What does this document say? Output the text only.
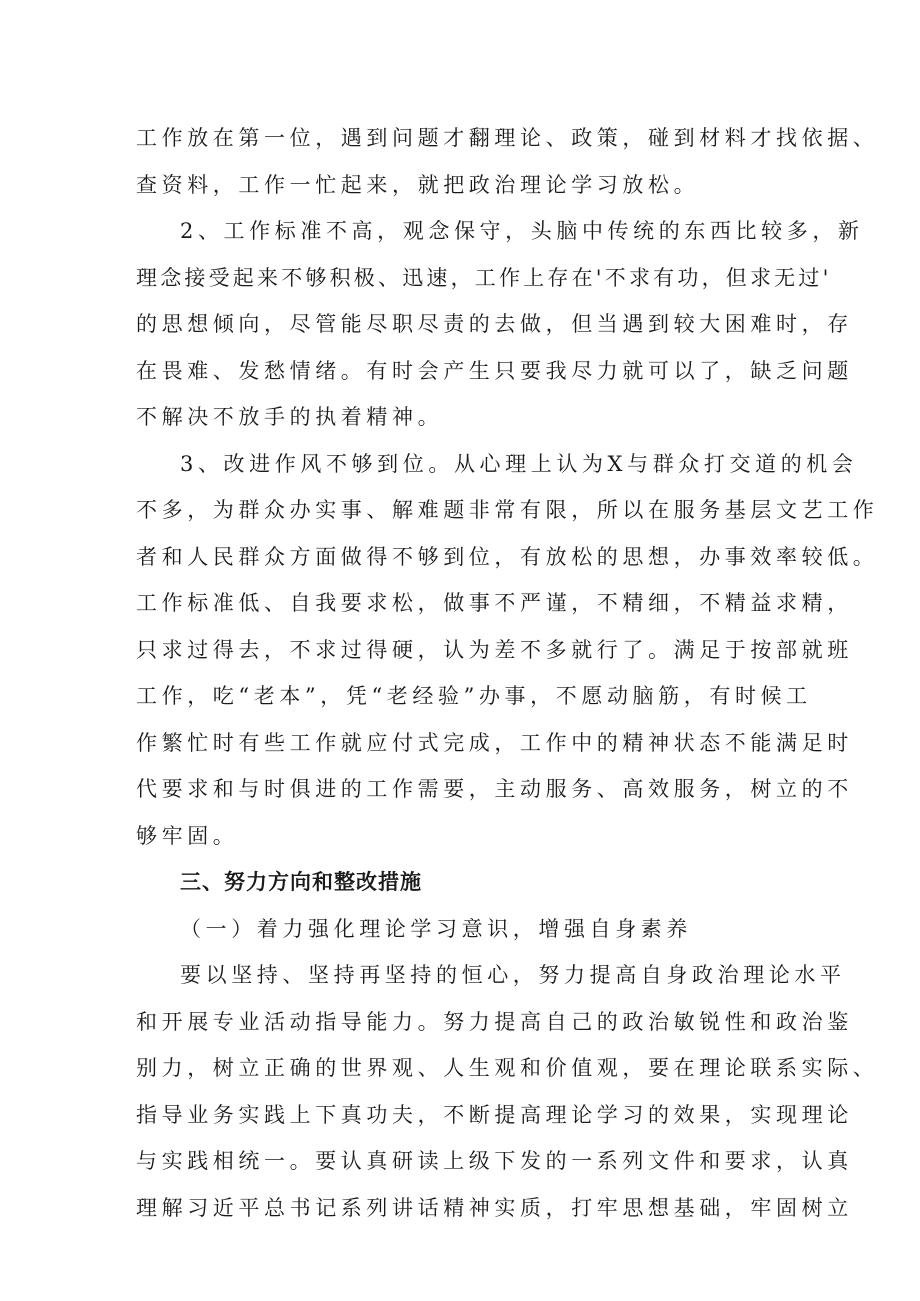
工作放在第一位，遇到问题才翻理论、政策，碰到材料才找依据、
查资料，工作一忙起来，就把政治理论学习放松。
2、工作标准不高，观念保守，头脑中传统的东西比较多，新
理念接受起来不够积极、迅速，工作上存在'不求有功，但求无过'
的思想倾向，尽管能尽职尽责的去做，但当遇到较大困难时，存
在畏难、发愁情绪。有时会产生只要我尽力就可以了，缺乏问题
不解决不放手的执着精神。
3、改进作风不够到位。从心理上认为X与群众打交道的机会
不多，为群众办实事、解难题非常有限，所以在服务基层文艺工作
者和人民群众方面做得不够到位，有放松的思想，办事效率较低。
工作标准低、自我要求松，做事不严谨，不精细，不精益求精，
只求过得去，不求过得硬，认为差不多就行了。满足于按部就班
工作，吃“老本”，凭“老经验”办事，不愿动脑筋，有时候工
作繁忙时有些工作就应付式完成，工作中的精神状态不能满足时
代要求和与时俱进的工作需要，主动服务、高效服务，树立的不
够牢固。
三、努力方向和整改措施
（一）着力强化理论学习意识，增强自身素养
要以坚持、坚持再坚持的恒心，努力提高自身政治理论水平
和开展专业活动指导能力。努力提高自己的政治敏锐性和政治鉴
别力，树立正确的世界观、人生观和价值观，要在理论联系实际、
指导业务实践上下真功夫，不断提高理论学习的效果，实现理论
与实践相统一。要认真研读上级下发的一系列文件和要求，认真
理解习近平总书记系列讲话精神实质，打牢思想基础，牢固树立
